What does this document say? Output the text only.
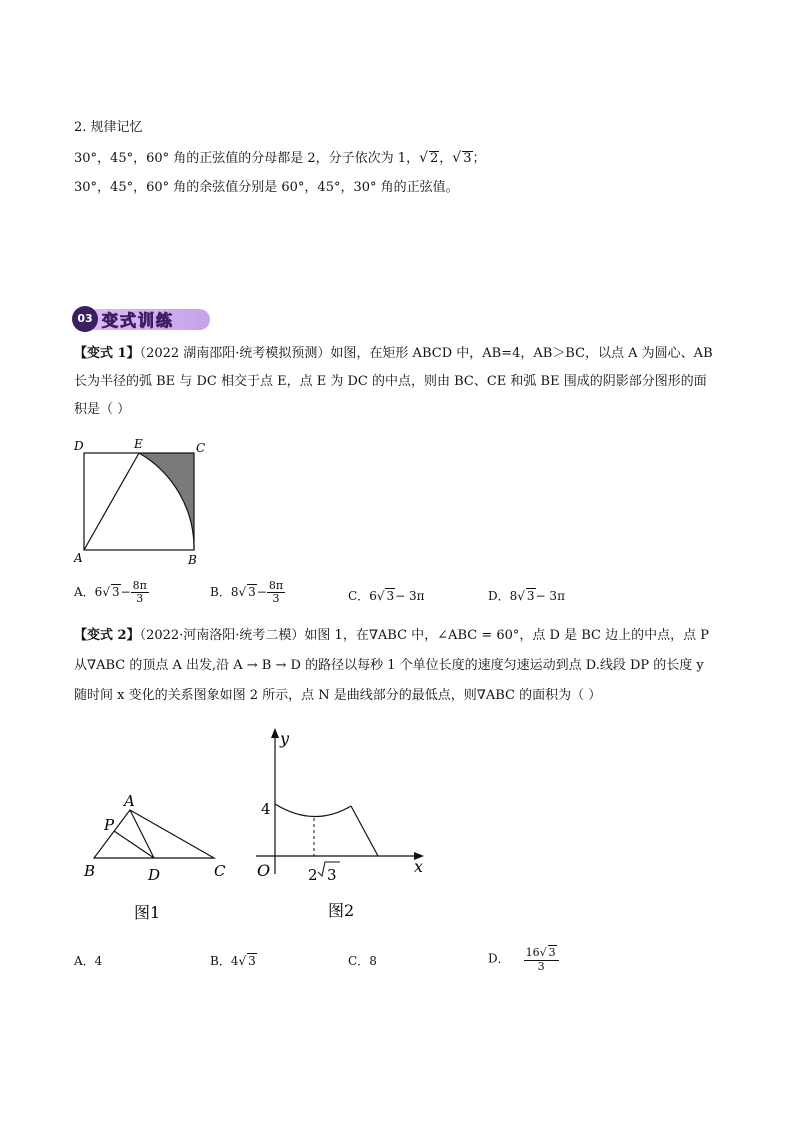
2. 规律记忆
30°，45°，60° 角的正弦值的分母都是 2，分子依次为 1，√ 2，√ 3；
30°，45°，60° 角的余弦值分别是 60°，45°，30° 角的正弦值。
03 变式训练
【变式 1】（2022 湖南邵阳·统考模拟预测）如图，在矩形 ABCD 中，AB=4，AB＞BC，以点 A 为圆心、AB
长为半径的弧 BE 与 DC 相交于点 E，点 E 为 DC 的中点，则由 BC、CE 和弧 BE 围成的阴影部分图形的面
积是（ ）
D	E	C
A	B
A．6√ $3- \frac{8\pi}{3}$	B．8√ $3- \frac{8\pi}{3}$	C．6√ 3− 3π	D．8√ 3− 3π
【变式 2】（2022·河南洛阳·统考二模）如图 1，在∇ABC 中，∠ABC = 60°，点 D 是 BC 边上的中点，点 P
从∇ABC 的顶点 A 出发,沿 A → B → D 的路径以每秒 1 个单位长度的速度匀速运动到点 D.线段 DP 的长度 y
随时间 x 变化的关系图象如图 2 所示，点 N 是曲线部分的最低点，则∇ABC 的面积为（ ）
A
P
B	D	C
图1
y
x
O
4
2 3
图2
A．4	B．4√ 3	C．8	D． $\frac{16√ 3}{3}$
